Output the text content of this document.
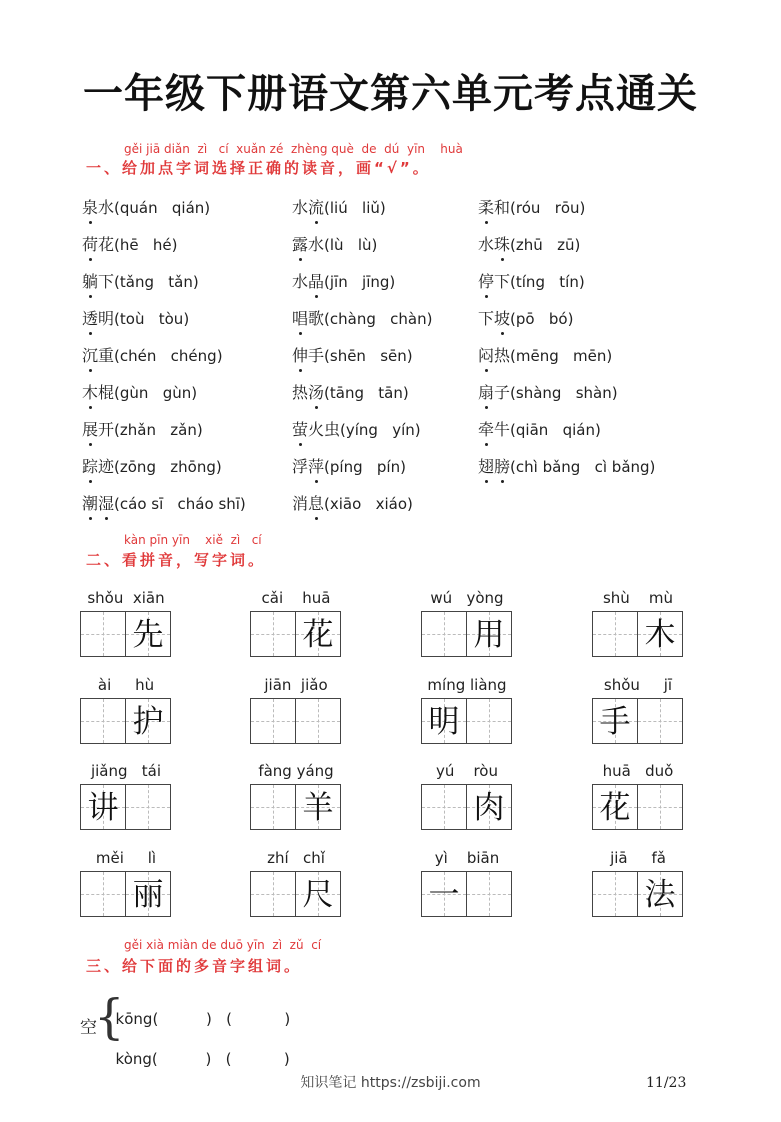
一年级下册语文第六单元考点通关
gěi jiā diǎn  zì   cí  xuǎn zé  zhèng què  de  dú  yīn    huà
一、给加点字词选择正确的读音，画“√”。
泉水(quán   qián)
荷花(hē   hé)
躺下(tǎng   tǎn)
透明(toù   tòu)
沉重(chén   chéng)
木棍(gùn   gùn)
展开(zhǎn   zǎn)
踪迹(zōng   zhōng)
潮湿(cáo sī   cháo shī)
水流(liú   liǔ)
露水(lù   lù)
水晶(jīn   jīng)
唱歌(chàng   chàn)
伸手(shēn   sēn)
热汤(tāng   tān)
萤火虫(yíng   yín)
浮萍(píng   pín)
消息(xiāo   xiáo)
柔和(róu   rōu)
水珠(zhū   zū)
停下(tíng   tín)
下坡(pō   bó)
闷热(mēng   mēn)
扇子(shàng   shàn)
牵牛(qiān   qián)
翅膀(chì bǎng   cì bǎng)
kàn pīn yīn    xiě  zì   cí
二、看拼音，写字词。
shǒu  xiān
先
cǎi    huā
花
wú   yòng
用
shù    mù
木
ài     hù
护
jiān  jiǎo	míng liàng
明
shǒu     jī
手
jiǎng   tái
讲
fàng yáng
羊
yú    ròu
肉
huā   duǒ
花
měi     lì
丽
zhí   chǐ
尺
yì    biān
一
jiā     fǎ
法
gěi xià miàn de duō yīn  zì  zǔ  cí
三、给下面的多音字组词。
空
{

kōng(          )   (           )

kòng(          )   (           )

知识笔记 https://zsbiji.com	11/23
